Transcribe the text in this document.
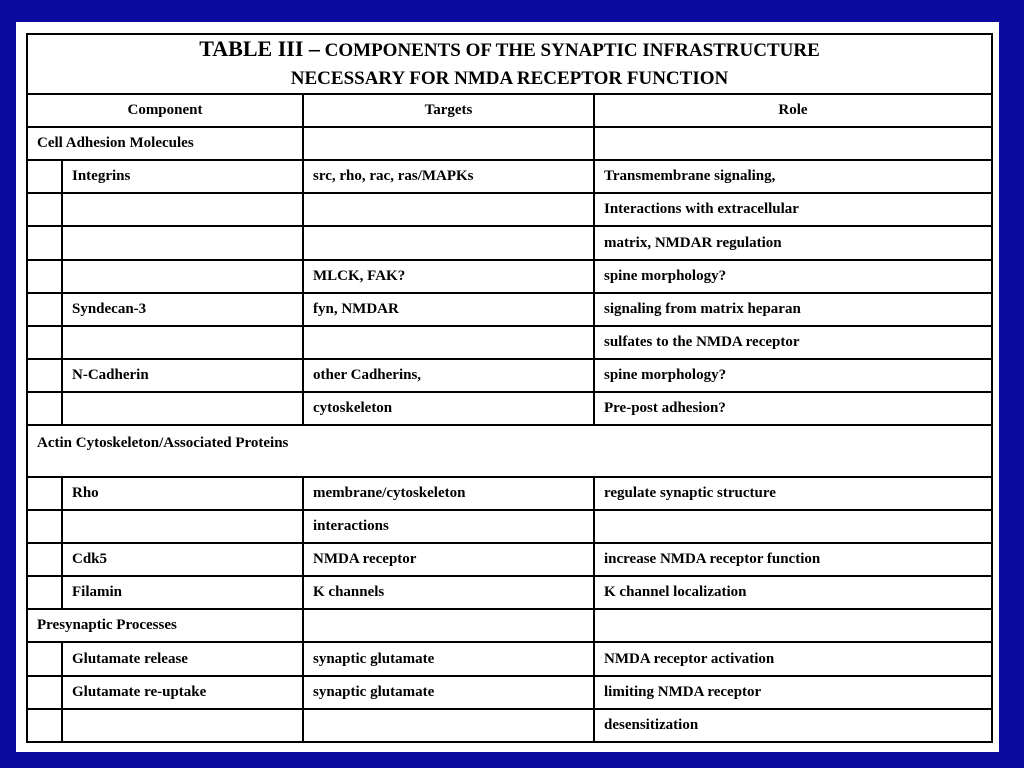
TABLE III – COMPONENTS OF THE SYNAPTIC INFRASTRUCTURE
NECESSARY FOR NMDA RECEPTOR FUNCTION			
Component		Targets	Role
Cell Adhesion Molecules			
	Integrins	src, rho, rac, ras/MAPKs	Transmembrane signaling,
			Interactions with extracellular
			matrix, NMDAR regulation
		MLCK, FAK?	spine morphology?
	Syndecan-3	fyn, NMDAR	signaling from matrix heparan
			sulfates to the NMDA receptor
	N-Cadherin	other Cadherins,	spine morphology?
		cytoskeleton	Pre-post adhesion?
Actin Cytoskeleton/Associated Proteins			
	Rho	membrane/cytoskeleton	regulate synaptic structure
		interactions	
	Cdk5	NMDA receptor	increase NMDA receptor function
	Filamin	K channels	K channel localization
Presynaptic Processes			
	Glutamate release	synaptic glutamate	NMDA receptor activation
	Glutamate re-uptake	synaptic glutamate	limiting NMDA receptor
			desensitization
